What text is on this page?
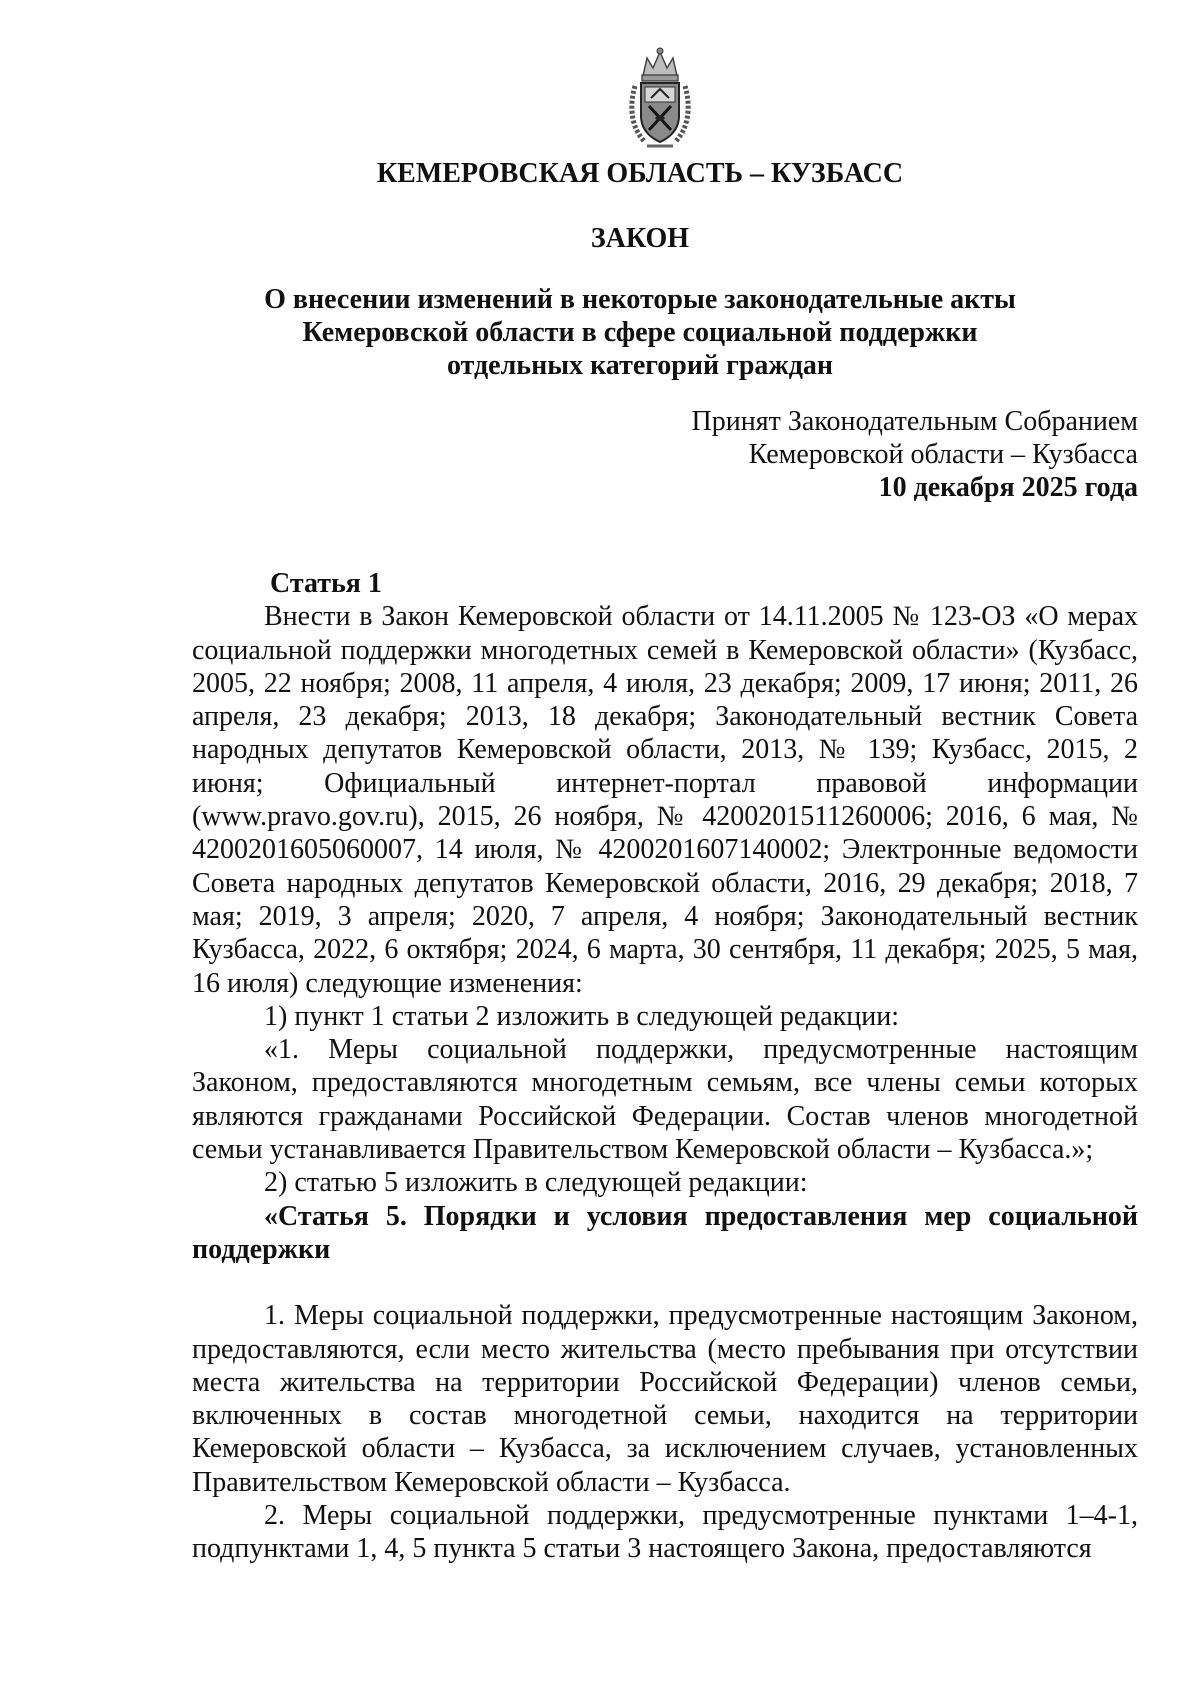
КЕМЕРОВСКАЯ ОБЛАСТЬ – КУЗБАСС
ЗАКОН
О внесении изменений в некоторые законодательные акты
Кемеровской области в сфере социальной поддержки
отдельных категорий граждан
Принят Законодательным Собранием
Кемеровской области – Кузбасса
10 декабря 2025 года

Статья 1

Внести в Закон Кемеровской области от 14.11.2005 № 123-ОЗ «О мерах социальной поддержки многодетных семей в Кемеровской области» (Кузбасс, 2005, 22 ноября; 2008, 11 апреля, 4 июля, 23 декабря; 2009, 17 июня; 2011, 26 апреля, 23 декабря; 2013, 18 декабря; Законодательный вестник Совета народных депутатов Кемеровской области, 2013, № 139; Кузбасс, 2015, 2 июня; Официальный интернет-портал правовой информации (www.pravo.gov.ru), 2015, 26 ноября, № 4200201511260006; 2016, 6 мая, № 4200201605060007, 14 июля, № 4200201607140002; Электронные ведомости Совета народных депутатов Кемеровской области, 2016, 29 декабря; 2018, 7 мая; 2019, 3 апреля; 2020, 7 апреля, 4 ноября; Законодательный вестник Кузбасса, 2022, 6 октября; 2024, 6 марта, 30 сентября, 11 декабря; 2025, 5 мая, 16 июля) следующие изменения:

1) пункт 1 статьи 2 изложить в следующей редакции:

«1. Меры социальной поддержки, предусмотренные настоящим Законом, предоставляются многодетным семьям, все члены семьи которых являются гражданами Российской Федерации. Состав членов многодетной семьи устанавливается Правительством Кемеровской области – Кузбасса.»;

2) статью 5 изложить в следующей редакции:

«Статья 5. Порядки и условия предоставления мер социальной поддержки

1. Меры социальной поддержки, предусмотренные настоящим Законом, предоставляются, если место жительства (место пребывания при отсутствии места жительства на территории Российской Федерации) членов семьи, включенных в состав многодетной семьи, находится на территории Кемеровской области – Кузбасса, за исключением случаев, установленных Правительством Кемеровской области – Кузбасса.

2. Меры социальной поддержки, предусмотренные пунктами 1–4-1, подпунктами 1, 4, 5 пункта 5 статьи 3 настоящего Закона, предоставляются
